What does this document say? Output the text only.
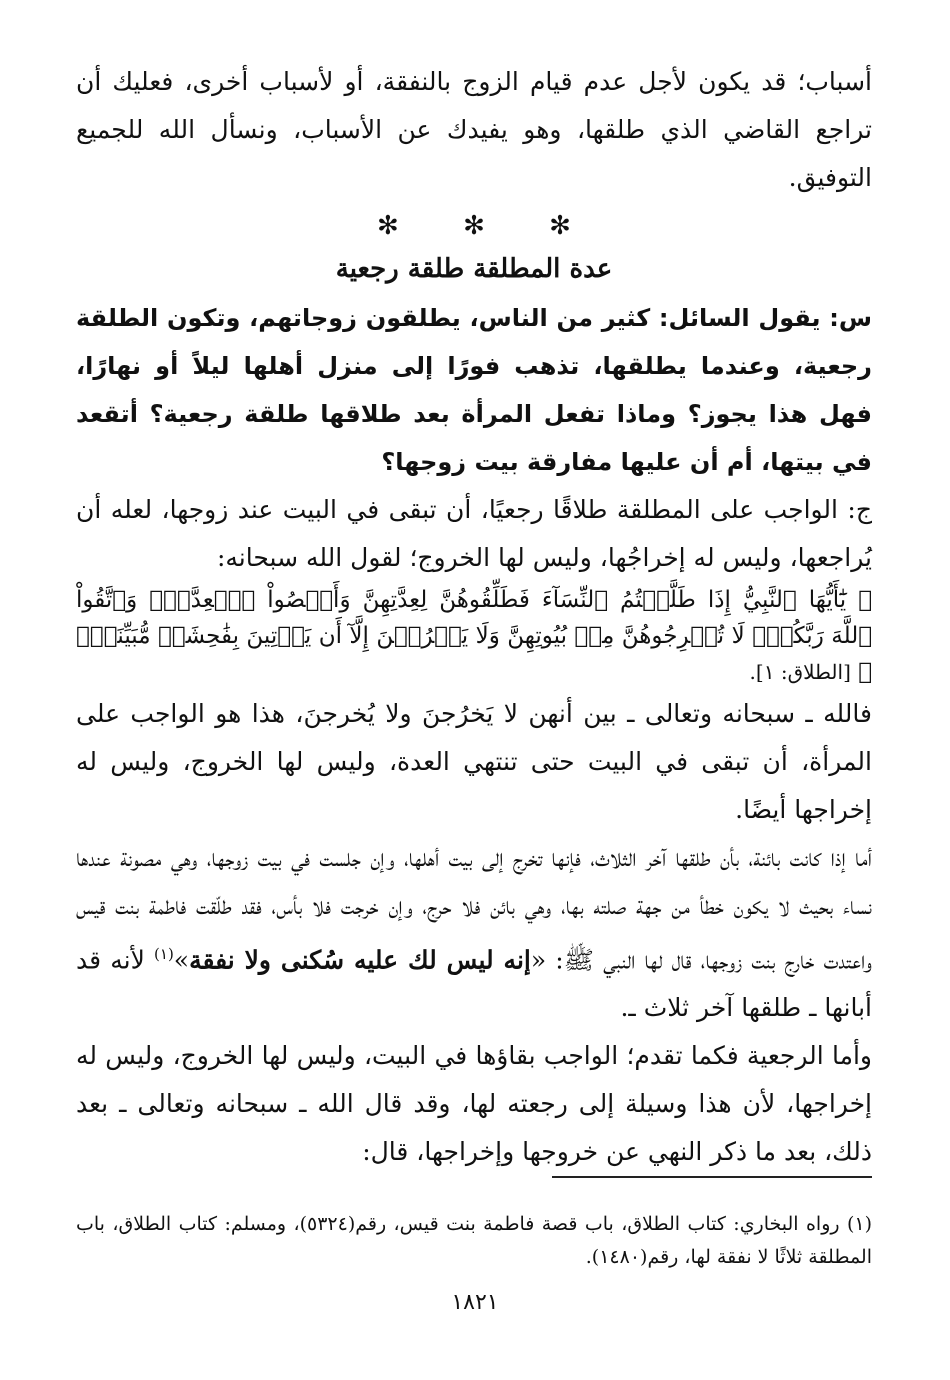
أسباب؛ قد يكون لأجل عدم قيام الزوج بالنفقة، أو لأسباب أخرى، فعليك أن تراجع القاضي الذي طلقها، وهو يفيدك عن الأسباب، ونسأل الله للجميع التوفيق.

✻ ✻ ✻

عدة المطلقة طلقة رجعية

س: يقول السائل: كثير من الناس، يطلقون زوجاتهم، وتكون الطلقة رجعية، وعندما يطلقها، تذهب فورًا إلى منزل أهلها ليلاً أو نهارًا، فهل هذا يجوز؟ وماذا تفعل المرأة بعد طلاقها طلقة رجعية؟ أتقعد في بيتها، أم أن عليها مفارقة بيت زوجها؟

ج: الواجب على المطلقة طلاقًا رجعيًا، أن تبقى في البيت عند زوجها، لعله أن يُراجعها، وليس له إخراجُها، وليس لها الخروج؛ لقول الله سبحانه:

﴿ يَٰٓأَيُّهَا ٱلنَّبِيُّ إِذَا طَلَّقۡتُمُ ٱلنِّسَآءَ فَطَلِّقُوهُنَّ لِعِدَّتِهِنَّ وَأَحۡصُواْ ٱلۡعِدَّةَۖ وَٱتَّقُواْ ٱللَّهَ رَبَّكُمۡۖ لَا تُخۡرِجُوهُنَّ مِنۢ بُيُوتِهِنَّ وَلَا يَخۡرُجۡنَ إِلَّآ أَن يَأۡتِينَ بِفَٰحِشَةٖ مُّبَيِّنَةٖۚ ﴾ [الطلاق: ١].

فالله ـ سبحانه وتعالى ـ بين أنهن لا يَخرُجنَ ولا يُخرجنَ، هذا هو الواجب على المرأة، أن تبقى في البيت حتى تنتهي العدة، وليس لها الخروج، وليس له إخراجها أيضًا.

أما إذا كانت بائنة، بأن طلقها آخر الثلاث، فإنها تخرج إلى بيت أهلها، وإن جلست في بيت زوجها، وهي مصونة عندها نساء بحيث لا يكون خطأ من جهة صلته بها، وهي بائن فلا حرج، وإن خرجت فلا بأس، فقد طلّقت فاطمة بنت قيس واعتدت خارج بنت زوجها، قال لها النبي ﷺ: «إنه ليس لك عليه سُكنى ولا نفقة»$^{(١)}$ لأنه قد أبانها ـ طلقها آخر ثلاث ـ.

وأما الرجعية فكما تقدم؛ الواجب بقاؤها في البيت، وليس لها الخروج، وليس له إخراجها، لأن هذا وسيلة إلى رجعته لها، وقد قال الله ـ سبحانه وتعالى ـ بعد ذلك، بعد ما ذكر النهي عن خروجها وإخراجها، قال:

(١) رواه البخاري: كتاب الطلاق، باب قصة فاطمة بنت قيس، رقم(٥٣٢٤)، ومسلم: كتاب الطلاق، باب المطلقة ثلاثًا لا نفقة لها، رقم(١٤٨٠).

١٨٢١
